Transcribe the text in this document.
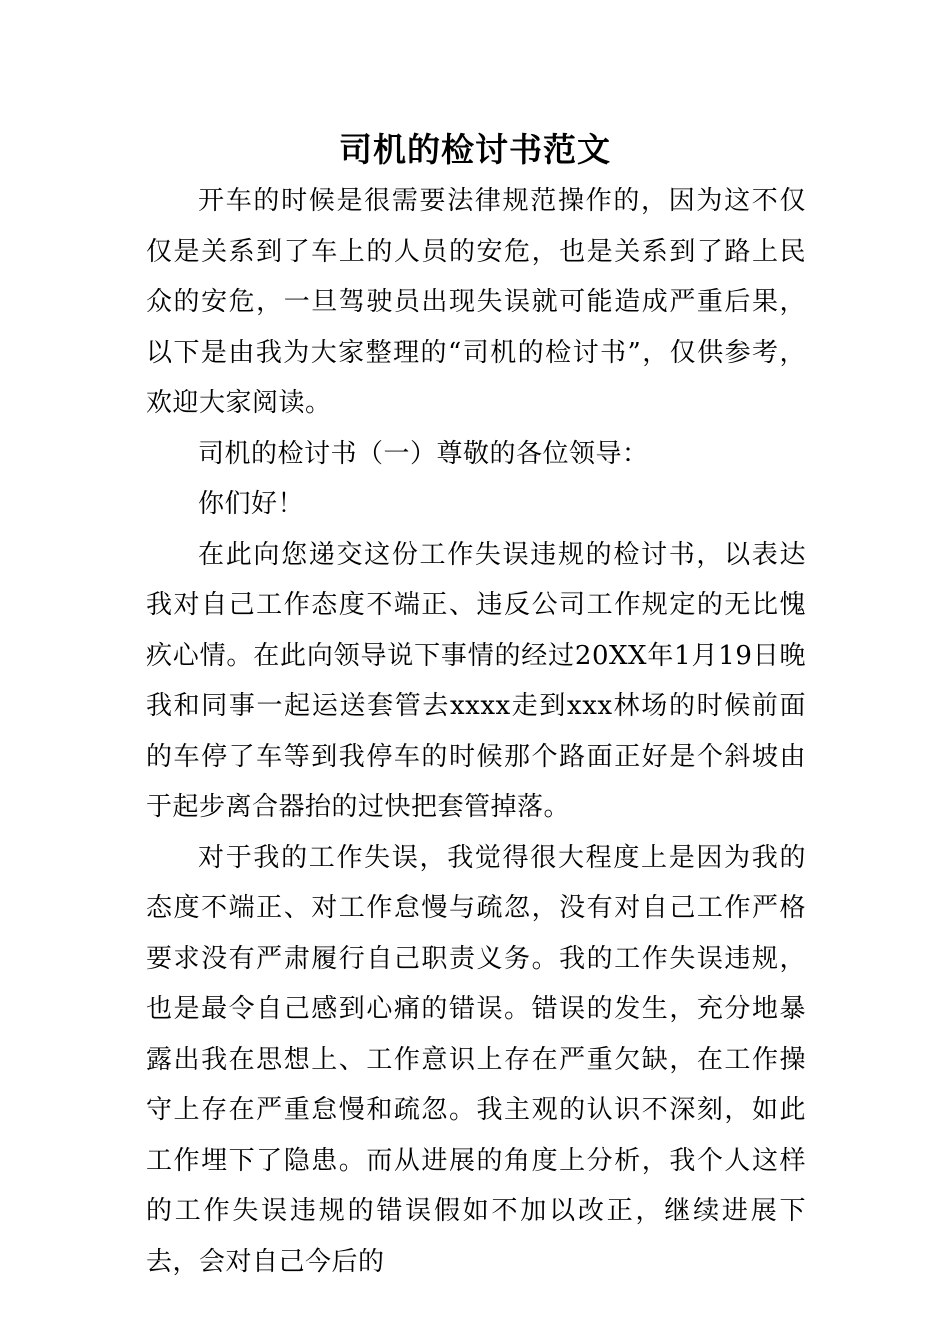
司机的检讨书范文

开车的时候是很需要法律规范操作的，因为这不仅仅是关系到了车上的人员的安危，也是关系到了路上民众的安危，一旦驾驶员出现失误就可能造成严重后果，以下是由我为大家整理的“司机的检讨书”，仅供参考，欢迎大家阅读。

司机的检讨书（一）尊敬的各位领导：

你们好！

在此向您递交这份工作失误违规的检讨书，以表达我对自己工作态度不端正、违反公司工作规定的无比愧疚心情。在此向领导说下事情的经过20XX年1月19日晚我和同事一起运送套管去xxxx走到xxx林场的时候前面的车停了车等到我停车的时候那个路面正好是个斜坡由于起步离合器抬的过快把套管掉落。

对于我的工作失误，我觉得很大程度上是因为我的态度不端正、对工作怠慢与疏忽，没有对自己工作严格要求没有严肃履行自己职责义务。我的工作失误违规，也是最令自己感到心痛的错误。错误的发生，充分地暴露出我在思想上、工作意识上存在严重欠缺，在工作操守上存在严重怠慢和疏忽。我主观的认识不深刻，如此工作埋下了隐患。而从进展的角度上分析，我个人这样的工作失误违规的错误假如不加以改正，继续进展下去，会对自己今后的
